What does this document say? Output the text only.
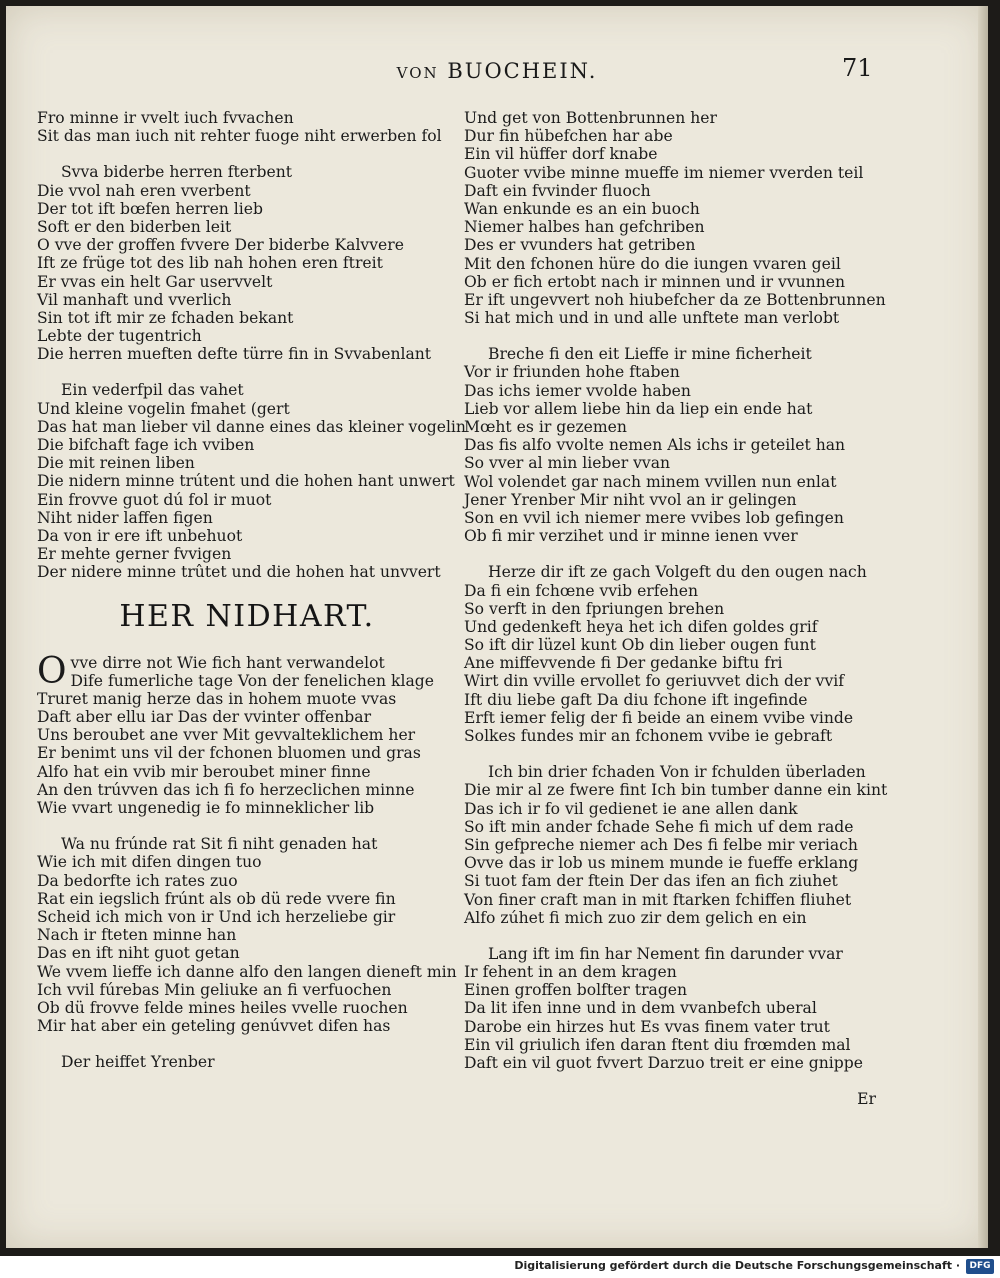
VON BUOCHEIN.	71
Fro minne ir vvelt iuch fvvachen
Sit das man iuch nit rehter fuoge niht erwerben fol
Svva biderbe herren fterbent
Die vvol nah eren vverbent
Der tot ift bœfen herren lieb
Soft er den biderben leit
O vve der groffen fvvere Der biderbe Kalvvere
Ift ze früge tot des lib nah hohen eren ftreit
Er vvas ein helt Gar uservvelt
Vil manhaft und vverlich
Sin tot ift mir ze fchaden bekant
Lebte der tugentrich
Die herren mueften defte türre fin in Svvabenlant
Ein vederfpil das vahet
Und kleine vogelin fmahet (gert
Das hat man lieber vil danne eines das kleiner vogelin
Die bifchaft fage ich vviben
Die mit reinen liben
Die nidern minne trútent und die hohen hant unwert
Ein frovve guot dú fol ir muot
Niht nider laffen figen
Da von ir ere ift unbehuot
Er mehte gerner fvvigen
Der nidere minne trûtet und die hohen hat unvvert
HER NIDHART.
O vve dirre not Wie fich hant verwandelot
Dife fumerliche tage Von der fenelichen klage
Truret manig herze das in hohem muote vvas
Daft aber ellu iar Das der vvinter offenbar
Uns beroubet ane vver Mit gevvalteklichem her
Er benimt uns vil der fchonen bluomen und gras
Alfo hat ein vvib mir beroubet miner finne
An den trúvven das ich fi fo herzeclichen minne
Wie vvart ungenedig ie fo minneklicher lib
Wa nu frúnde rat Sit fi niht genaden hat
Wie ich mit difen dingen tuo
Da bedorfte ich rates zuo
Rat ein iegslich frúnt als ob dü rede vvere fin
Scheid ich mich von ir Und ich herzeliebe gir
Nach ir fteten minne han
Das en ift niht guot getan
We vvem lieffe ich danne alfo den langen dieneft min
Ich vvil fúrebas Min geliuke an fi verfuochen
Ob dü frovve felde mines heiles vvelle ruochen
Mir hat aber ein geteling genúvvet difen has
Der heiffet Yrenber
Und get von Bottenbrunnen her
Dur fin hübefchen har abe
Ein vil hüffer dorf knabe
Guoter vvibe minne mueffe im niemer vverden teil
Daft ein fvvinder fluoch
Wan enkunde es an ein buoch
Niemer halbes han gefchriben
Des er vvunders hat getriben
Mit den fchonen hüre do die iungen vvaren geil
Ob er fich ertobt nach ir minnen und ir vvunnen
Er ift ungevvert noh hiubefcher da ze Bottenbrunnen
Si hat mich und in und alle unftete man verlobt
Breche fi den eit Lieffe ir mine ficherheit
Vor ir friunden hohe ftaben
Das ichs iemer vvolde haben
Lieb vor allem liebe hin da liep ein ende hat
Mœht es ir gezemen
Das fis alfo vvolte nemen Als ichs ir geteilet han
So vver al min lieber vvan
Wol volendet gar nach minem vvillen nun enlat
Jener Yrenber Mir niht vvol an ir gelingen
Son en vvil ich niemer mere vvibes lob gefingen
Ob fi mir verzihet und ir minne ienen vver
Herze dir ift ze gach Volgeft du den ougen nach
Da fi ein fchœne vvib erfehen
So verft in den fpriungen brehen
Und gedenkeft heya het ich difen goldes grif
So ift dir lüzel kunt Ob din lieber ougen funt
Ane miffevvende fi Der gedanke biftu fri
Wirt din vville ervollet fo geriuvvet dich der vvif
Ift diu liebe gaft Da diu fchone ift ingefinde
Erft iemer felig der fi beide an einem vvibe vinde
Solkes fundes mir an fchonem vvibe ie gebraft
Ich bin drier fchaden Von ir fchulden überladen
Die mir al ze fwere fint Ich bin tumber danne ein kint
Das ich ir fo vil gedienet ie ane allen dank
So ift min ander fchade Sehe fi mich uf dem rade
Sin gefpreche niemer ach Des fi felbe mir veriach
Ovve das ir lob us minem munde ie fueffe erklang
Si tuot fam der ftein Der das ifen an fich ziuhet
Von finer craft man in mit ftarken fchiffen fliuhet
Alfo zúhet fi mich zuo zir dem gelich en ein
Lang ift im fin har Nement fin darunder vvar
Ir fehent in an dem kragen
Einen groffen bolfter tragen
Da lit ifen inne und in dem vvanbefch uberal
Darobe ein hirzes hut Es vvas finem vater trut
Ein vil griulich ifen daran ftent diu frœmden mal
Daft ein vil guot fvvert Darzuo treit er eine gnippe
Er
Digitalisierung gefördert durch die Deutsche Forschungsgemeinschaft ·	DFG
